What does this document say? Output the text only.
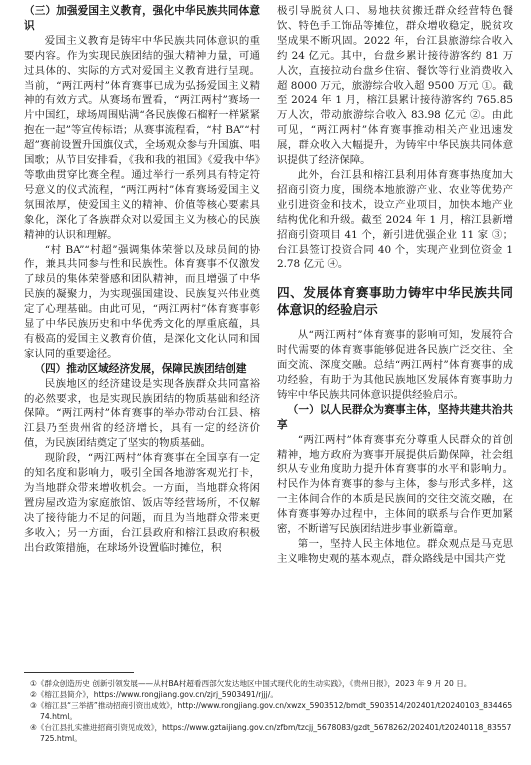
（三）加强爱国主义教育，强化中华民族共同体意识

爱国主义教育是铸牢中华民族共同体意识的重要内容。作为实现民族团结的强大精神力量，可通过具体的、实际的方式对爱国主义教育进行呈现。当前，“两江两村”体育赛事已成为弘扬爱国主义精神的有效方式。从赛场布置看，“两江两村”赛场一片中国红，球场周围贴满“各民族像石榴籽一样紧紧抱在一起”等宣传标语；从赛事流程看，“村 BA”“村超”赛前设置升国旗仪式，全场观众参与升国旗、唱国歌；从节目安排看，《我和我的祖国》《爱我中华》等歌曲贯穿比赛全程。通过举行一系列具有特定符号意义的仪式流程，“两江两村”体育赛场爱国主义氛围浓厚，使爱国主义的精神、价值等核心要素具象化，深化了各族群众对以爱国主义为核心的民族精神的认识和理解。

“村 BA”“村超”强调集体荣誉以及球员间的协作，兼具共同参与性和民族性。体育赛事不仅激发了球员的集体荣誉感和团队精神，而且增强了中华民族的凝聚力，为实现强国建设、民族复兴伟业奠定了心理基础。由此可见，“两江两村”体育赛事彰显了中华民族历史和中华优秀文化的厚重底蕴，具有极高的爱国主义教育价值，是深化文化认同和国家认同的重要途径。

（四）推动区域经济发展，保障民族团结创建

民族地区的经济建设是实现各族群众共同富裕的必然要求，也是实现民族团结的物质基础和经济保障。“两江两村”体育赛事的举办带动台江县、榕江县乃至贵州省的经济增长，具有一定的经济价值，为民族团结奠定了坚实的物质基础。

现阶段，“两江两村”体育赛事在全国享有一定的知名度和影响力，吸引全国各地游客观光打卡，为当地群众带来增收机会。一方面，当地群众将闲置房屋改造为家庭旅馆、饭店等经营场所，不仅解决了接待能力不足的问题，而且为当地群众带来更多收入；另一方面，台江县政府和榕江县政府积极出台政策措施，在球场外设置临时摊位，积

极引导脱贫人口、易地扶贫搬迁群众经营特色餐饮、特色手工饰品等摊位，群众增收稳定，脱贫攻坚成果不断巩固。2022 年，台江县旅游综合收入约 24 亿元。其中，台盘乡累计接待游客约 81 万人次，直接拉动台盘乡住宿、餐饮等行业消费收入超 8000 万元，旅游综合收入超 9500 万元 ①。截至 2024 年 1 月，榕江县累计接待游客约 765.85 万人次，带动旅游综合收入 83.98 亿元 ②。由此可见，“两江两村”体育赛事推动相关产业迅速发展，群众收入大幅提升，为铸牢中华民族共同体意识提供了经济保障。

此外，台江县和榕江县利用体育赛事热度加大招商引资力度，围绕本地旅游产业、农业等优势产业引进资金和技术，设立产业项目，加快本地产业结构优化和升级。截至 2024 年 1 月，榕江县新增招商引资项目 41 个，新引进优强企业 11 家 ③；台江县签订投资合同 40 个，实现产业到位资金 12.78 亿元 ④。

四、发展体育赛事助力铸牢中华民族共同体意识的经验启示

从“两江两村”体育赛事的影响可知，发展符合时代需要的体育赛事能够促进各民族广泛交往、全面交流、深度交融。总结“两江两村”体育赛事的成功经验，有助于为其他民族地区发展体育赛事助力铸牢中华民族共同体意识提供经验启示。

（一）以人民群众为赛事主体，坚持共建共治共享

“两江两村”体育赛事充分尊重人民群众的首创精神，地方政府为赛事开展提供后勤保障，社会组织从专业角度助力提升体育赛事的水平和影响力。村民作为体育赛事的参与主体，参与形式多样，这一主体间合作的本质是民族间的交往交流交融，在体育赛事筹办过程中，主体间的联系与合作更加紧密，不断谱写民族团结进步事业新篇章。

第一，坚持人民主体地位。群众观点是马克思主义唯物史观的基本观点，群众路线是中国共产党

①《群众创造历史 创新引领发展——从村BA村超看西部欠发达地区中国式现代化的生动实践》，《贵州日报》，2023 年 9 月 20 日。

②《榕江县简介》，https://www.rongjiang.gov.cn/zjrj_5903491/rjjj/。

③《榕江县“三举措”推动招商引资出成效》，http://www.rongjiang.gov.cn/xwzx_5903512/bmdt_5903514/202401/t20240103_83446574.html。

④《台江县扎实推进招商引资见成效》，https://www.gztaijiang.gov.cn/zfbm/tzcjj_5678083/gzdt_5678262/202401/t20240118_83557725.html。
